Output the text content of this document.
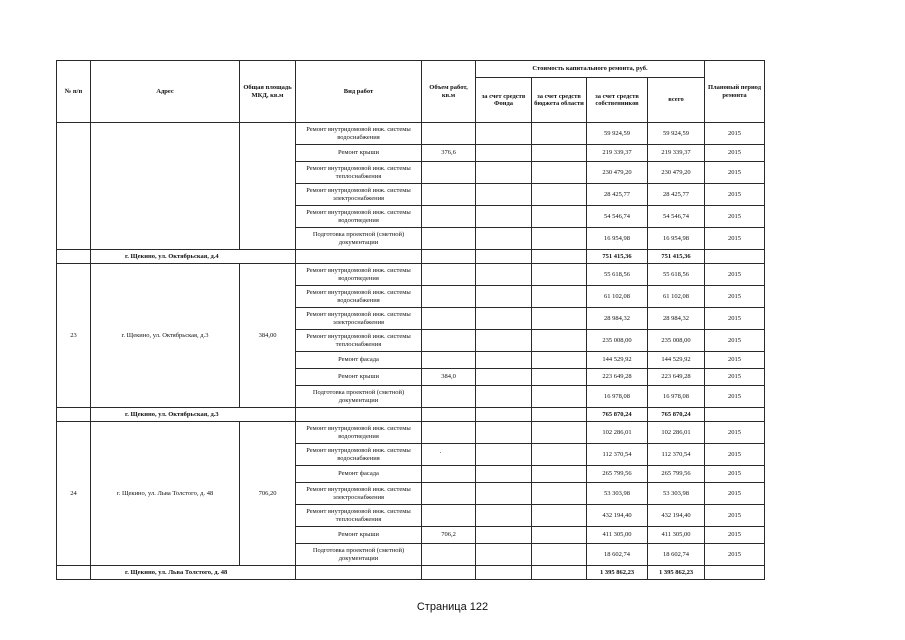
№ п/п	Адрес	Общая площадь МКД, кв.м	Вид работ	Объем работ, кв.м	Стоимость капитального ремонта, руб.				Плановый период ремонта
					за счет средств Фонда	за счет средств бюджета области	за счет средств собственников	всего	
			Ремонт внутридомовой инж. системы водоснабжения				59 924,59	59 924,59	2015
			Ремонт крыши	376,6			219 339,37	219 339,37	2015
			Ремонт внутридомовой инж. системы теплоснабжения				230 479,20	230 479,20	2015
			Ремонт внутридомовой инж. системы электроснабжения				28 425,77	28 425,77	2015
			Ремонт внутридомовой инж. системы водоотведения				54 546,74	54 546,74	2015
			Подготовка проектной (сметной) документации				16 954,98	16 954,98	2015
	г. Щекино, ул. Октябрьская, д.4						751 415,36	751 415,36	
23	г. Щекино, ул. Октябрьская, д.3	384,00	Ремонт внутридомовой инж. системы водоотведения				55 618,56	55 618,56	2015
			Ремонт внутридомовой инж. системы водоснабжения				61 102,08	61 102,08	2015
			Ремонт внутридомовой инж. системы электроснабжения				28 984,32	28 984,32	2015
			Ремонт внутридомовой инж. системы теплоснабжения				235 008,00	235 008,00	2015
			Ремонт фасада				144 529,92	144 529,92	2015
			Ремонт крыши	384,0			223 649,28	223 649,28	2015
			Подготовка проектной (сметной) документации				16 978,08	16 978,08	2015
	г. Щекино, ул. Октябрьская, д.3						765 870,24	765 870,24	
24	г. Щекино, ул. Льва Толстого, д. 48	706,20	Ремонт внутридомовой инж. системы водоотведения				102 286,01	102 286,01	2015
			Ремонт внутридомовой инж. системы водоснабжения				112 370,54	112 370,54	2015
			Ремонт фасада				265 799,56	265 799,56	2015
			Ремонт внутридомовой инж. системы электроснабжения				53 303,98	53 303,98	2015
			Ремонт внутридомовой инж. системы теплоснабжения				432 194,40	432 194,40	2015
			Ремонт крыши	706,2			411 305,00	411 305,00	2015
			Подготовка проектной (сметной) документации				18 602,74	18 602,74	2015
	г. Щекино, ул. Льва Толстого, д. 48						1 395 862,23	1 395 862,23	
Страница 122
